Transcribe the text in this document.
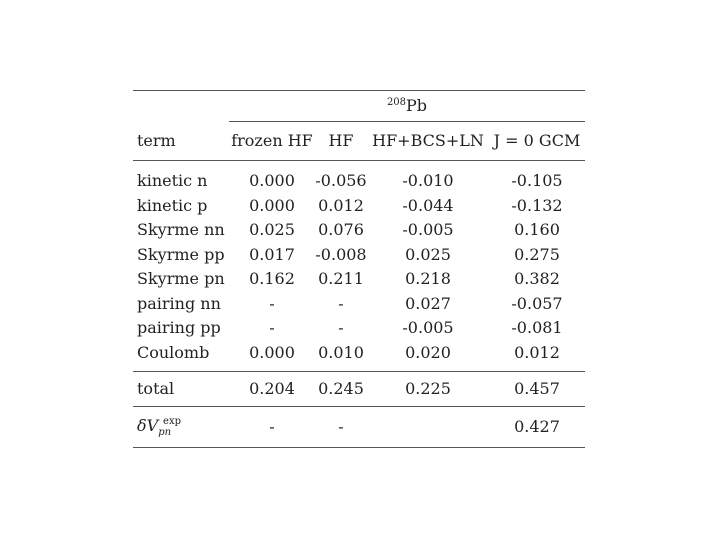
	$^{208}$Pb			
term	frozen HF	HF	HF+BCS+LN	J = 0 GCM
kinetic n	0.000	-0.056	-0.010	-0.105
kinetic p	0.000	0.012	-0.044	-0.132
Skyrme nn	0.025	0.076	-0.005	0.160
Skyrme pp	0.017	-0.008	0.025	0.275
Skyrme pn	0.162	0.211	0.218	0.382
pairing nn	-	-	0.027	-0.057
pairing pp	-	-	-0.005	-0.081
Coulomb	0.000	0.010	0.020	0.012
total	0.204	0.245	0.225	0.457
$\delta V_{pn}^{exp}$	-	-		0.427
